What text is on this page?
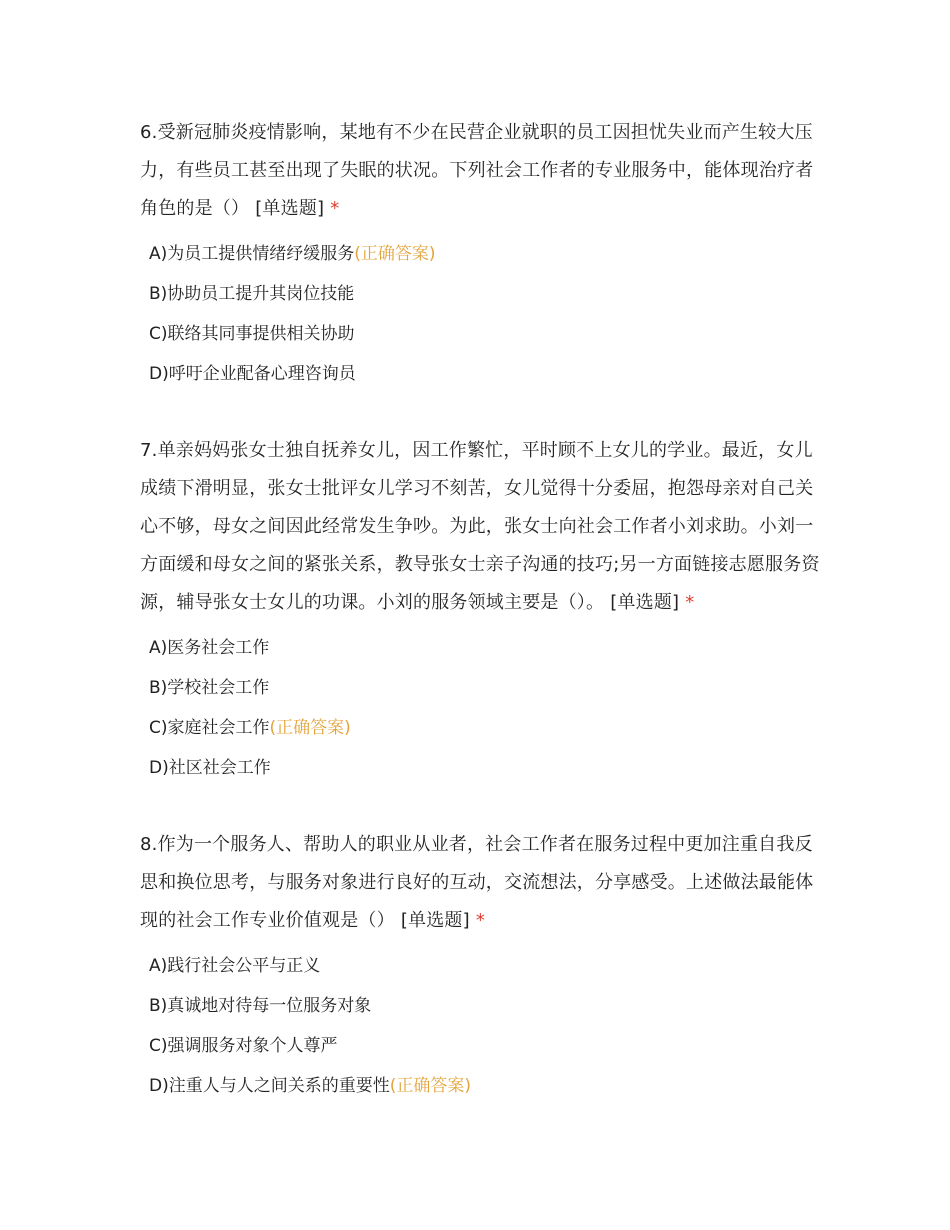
6.受新冠肺炎疫情影响，某地有不少在民营企业就职的员工因担忧失业而产生较大压力，有些员工甚至出现了失眠的状况。下列社会工作者的专业服务中，能体现治疗者角色的是（） [单选题] *

A)为员工提供情绪纾缓服务(正确答案)
B)协助员工提升其岗位技能
C)联络其同事提供相关协助
D)呼吁企业配备心理咨询员

7.单亲妈妈张女士独自抚养女儿，因工作繁忙，平时顾不上女儿的学业。最近，女儿成绩下滑明显，张女士批评女儿学习不刻苦，女儿觉得十分委屈，抱怨母亲对自己关心不够，母女之间因此经常发生争吵。为此，张女士向社会工作者小刘求助。小刘一方面缓和母女之间的紧张关系，教导张女士亲子沟通的技巧;另一方面链接志愿服务资源，辅导张女士女儿的功课。小刘的服务领域主要是（）。 [单选题] *

A)医务社会工作
B)学校社会工作
C)家庭社会工作(正确答案)
D)社区社会工作

8.作为一个服务人、帮助人的职业从业者，社会工作者在服务过程中更加注重自我反思和换位思考，与服务对象进行良好的互动，交流想法，分享感受。上述做法最能体现的社会工作专业价值观是（） [单选题] *

A)践行社会公平与正义
B)真诚地对待每一位服务对象
C)强调服务对象个人尊严
D)注重人与人之间关系的重要性(正确答案)
